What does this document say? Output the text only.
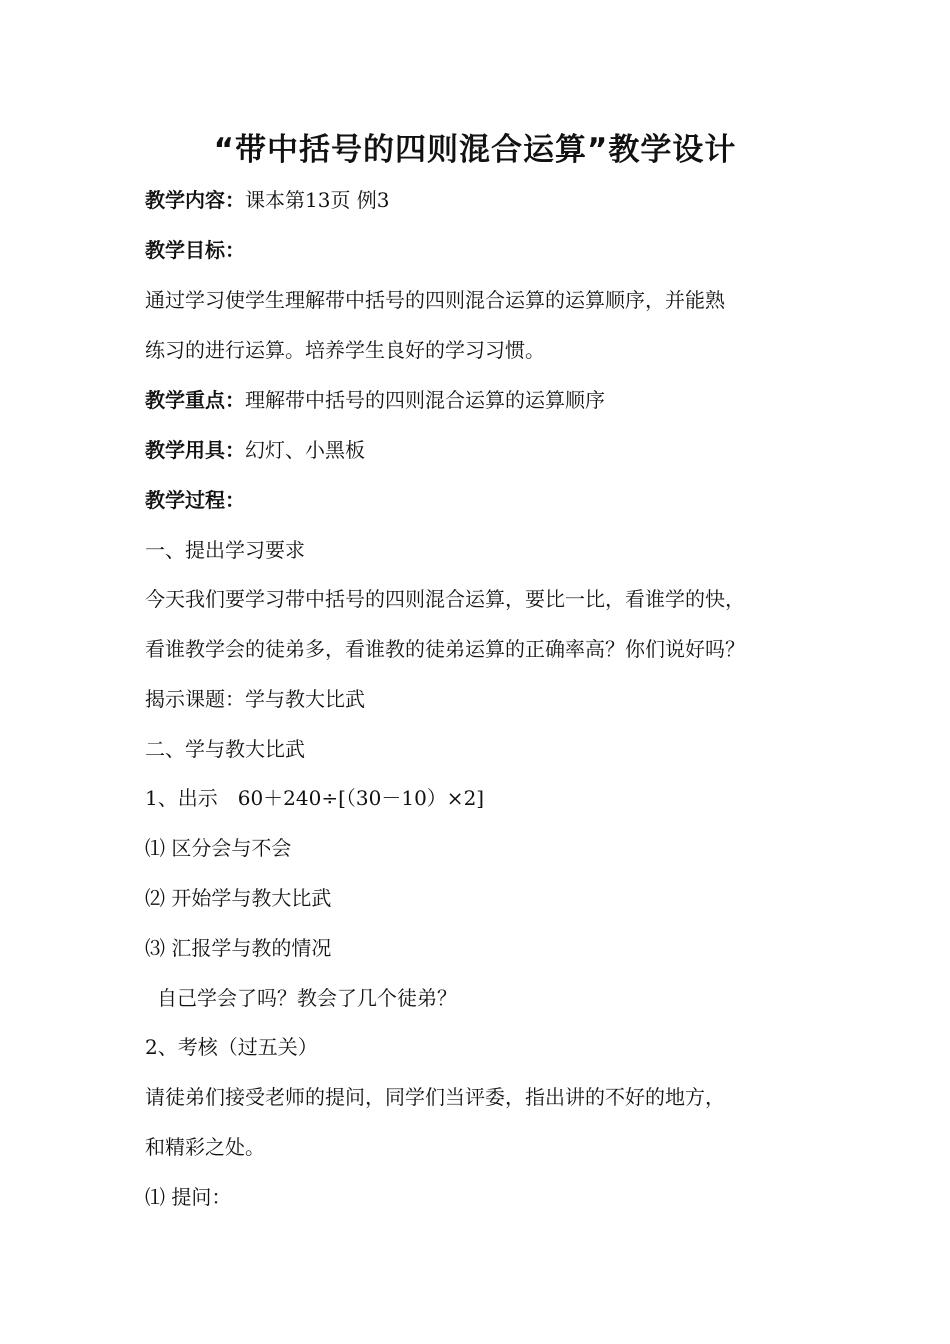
“带中括号的四则混合运算”教学设计
教学内容：课本第13页 例3
教学目标：
通过学习使学生理解带中括号的四则混合运算的运算顺序，并能熟
练习的进行运算。培养学生良好的学习习惯。
教学重点：理解带中括号的四则混合运算的运算顺序
教学用具：幻灯、小黑板
教学过程：
一、提出学习要求
今天我们要学习带中括号的四则混合运算，要比一比，看谁学的快，
看谁教学会的徒弟多，看谁教的徒弟运算的正确率高？你们说好吗？
揭示课题：学与教大比武
二、学与教大比武
1、出示　60＋240÷[（30－10）×2]
⑴ 区分会与不会
⑵ 开始学与教大比武
⑶ 汇报学与教的情况
自己学会了吗？教会了几个徒弟？
2、考核（过五关）
请徒弟们接受老师的提问，同学们当评委，指出讲的不好的地方，
和精彩之处。
⑴ 提问：
